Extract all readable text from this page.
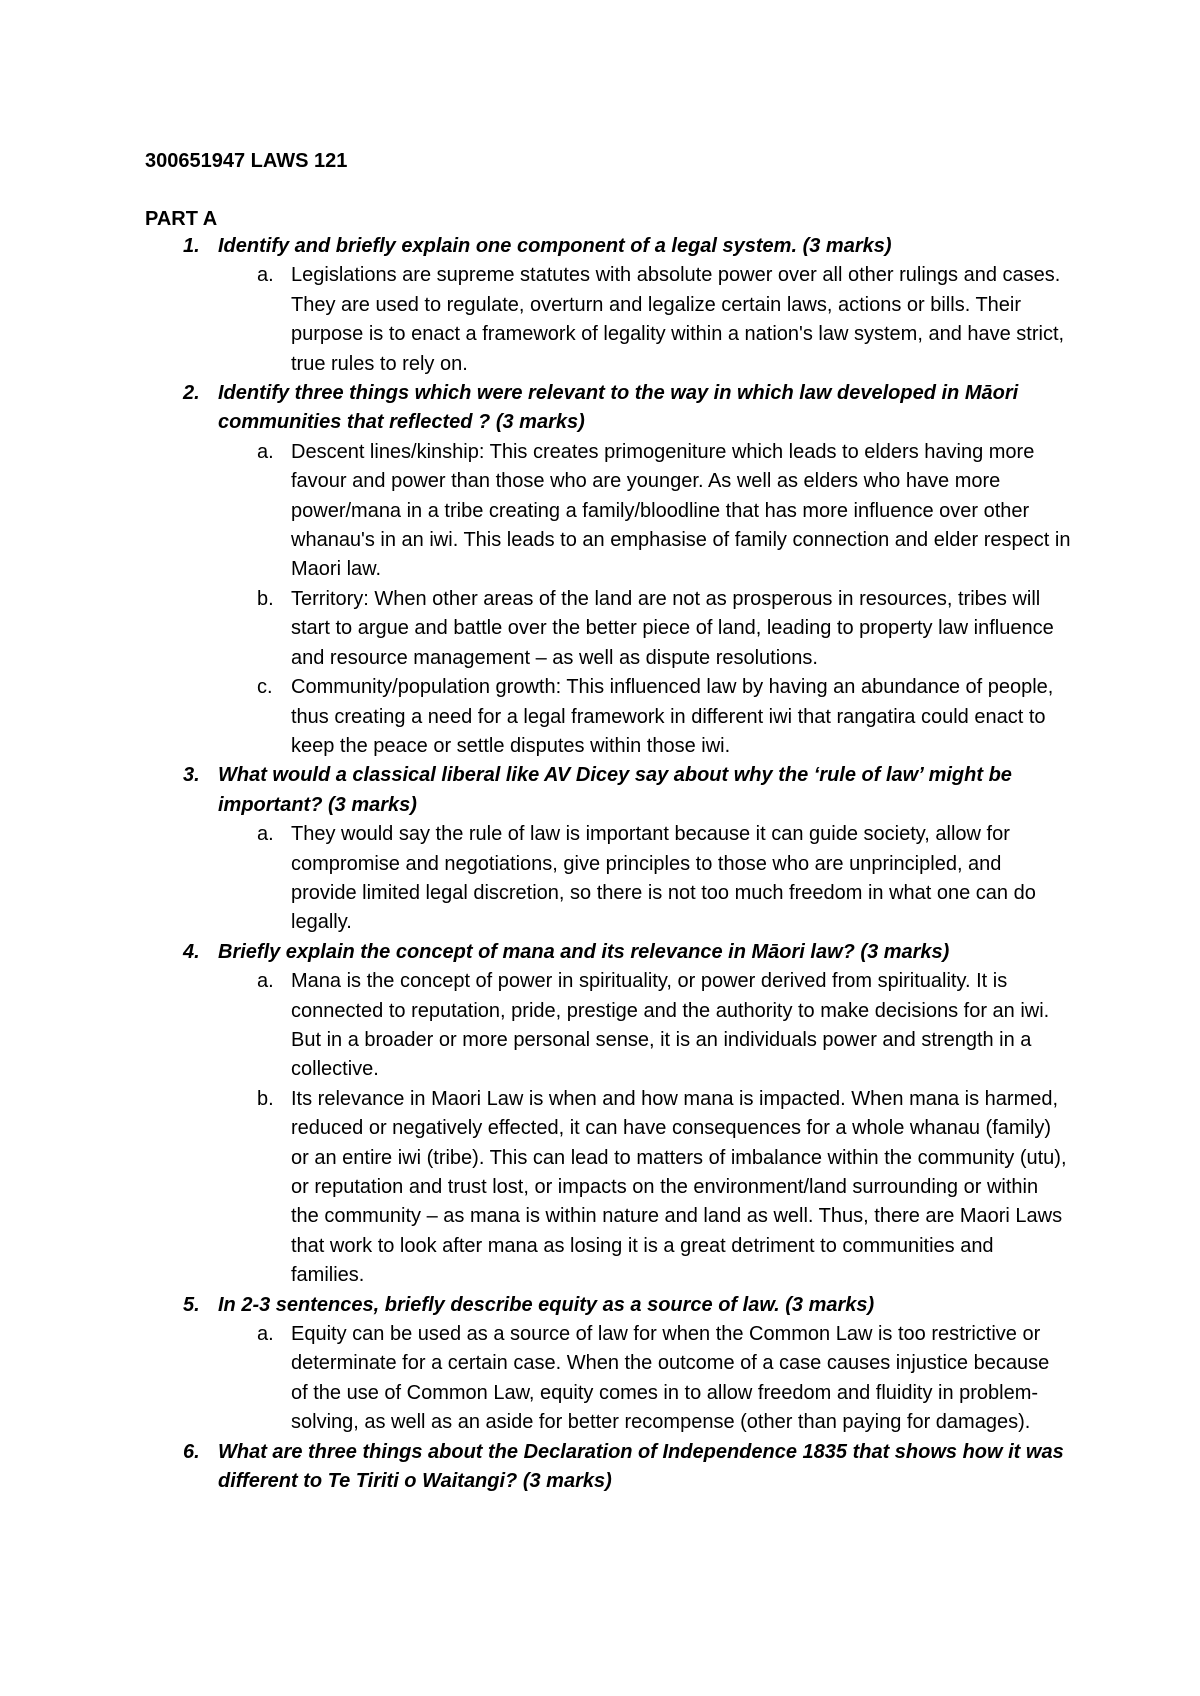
300651947 LAWS 121
PART A
1. Identify and briefly explain one component of a legal system. (3 marks)
a. Legislations are supreme statutes with absolute power over all other rulings and cases. They are used to regulate, overturn and legalize certain laws, actions or bills. Their purpose is to enact a framework of legality within a nation's law system, and have strict, true rules to rely on.
2. Identify three things which were relevant to the way in which law developed in Māori communities that reflected ? (3 marks)
a. Descent lines/kinship: This creates primogeniture which leads to elders having more favour and power than those who are younger. As well as elders who have more power/mana in a tribe creating a family/bloodline that has more influence over other whanau's in an iwi. This leads to an emphasise of family connection and elder respect in Maori law.
b. Territory: When other areas of the land are not as prosperous in resources, tribes will start to argue and battle over the better piece of land, leading to property law influence and resource management – as well as dispute resolutions.
c. Community/population growth: This influenced law by having an abundance of people, thus creating a need for a legal framework in different iwi that rangatira could enact to keep the peace or settle disputes within those iwi.
3. What would a classical liberal like AV Dicey say about why the ‘rule of law’ might be important? (3 marks)
a. They would say the rule of law is important because it can guide society, allow for compromise and negotiations, give principles to those who are unprincipled, and provide limited legal discretion, so there is not too much freedom in what one can do legally.
4. Briefly explain the concept of mana and its relevance in Māori law? (3 marks)
a. Mana is the concept of power in spirituality, or power derived from spirituality. It is connected to reputation, pride, prestige and the authority to make decisions for an iwi. But in a broader or more personal sense, it is an individuals power and strength in a collective.
b. Its relevance in Maori Law is when and how mana is impacted. When mana is harmed, reduced or negatively effected, it can have consequences for a whole whanau (family) or an entire iwi (tribe). This can lead to matters of imbalance within the community (utu), or reputation and trust lost, or impacts on the environment/land surrounding or within the community – as mana is within nature and land as well. Thus, there are Maori Laws that work to look after mana as losing it is a great detriment to communities and families.
5. In 2-3 sentences, briefly describe equity as a source of law. (3 marks)
a. Equity can be used as a source of law for when the Common Law is too restrictive or determinate for a certain case. When the outcome of a case causes injustice because of the use of Common Law, equity comes in to allow freedom and fluidity in problem-solving, as well as an aside for better recompense (other than paying for damages).
6. What are three things about the Declaration of Independence 1835 that shows how it was different to Te Tiriti o Waitangi? (3 marks)
